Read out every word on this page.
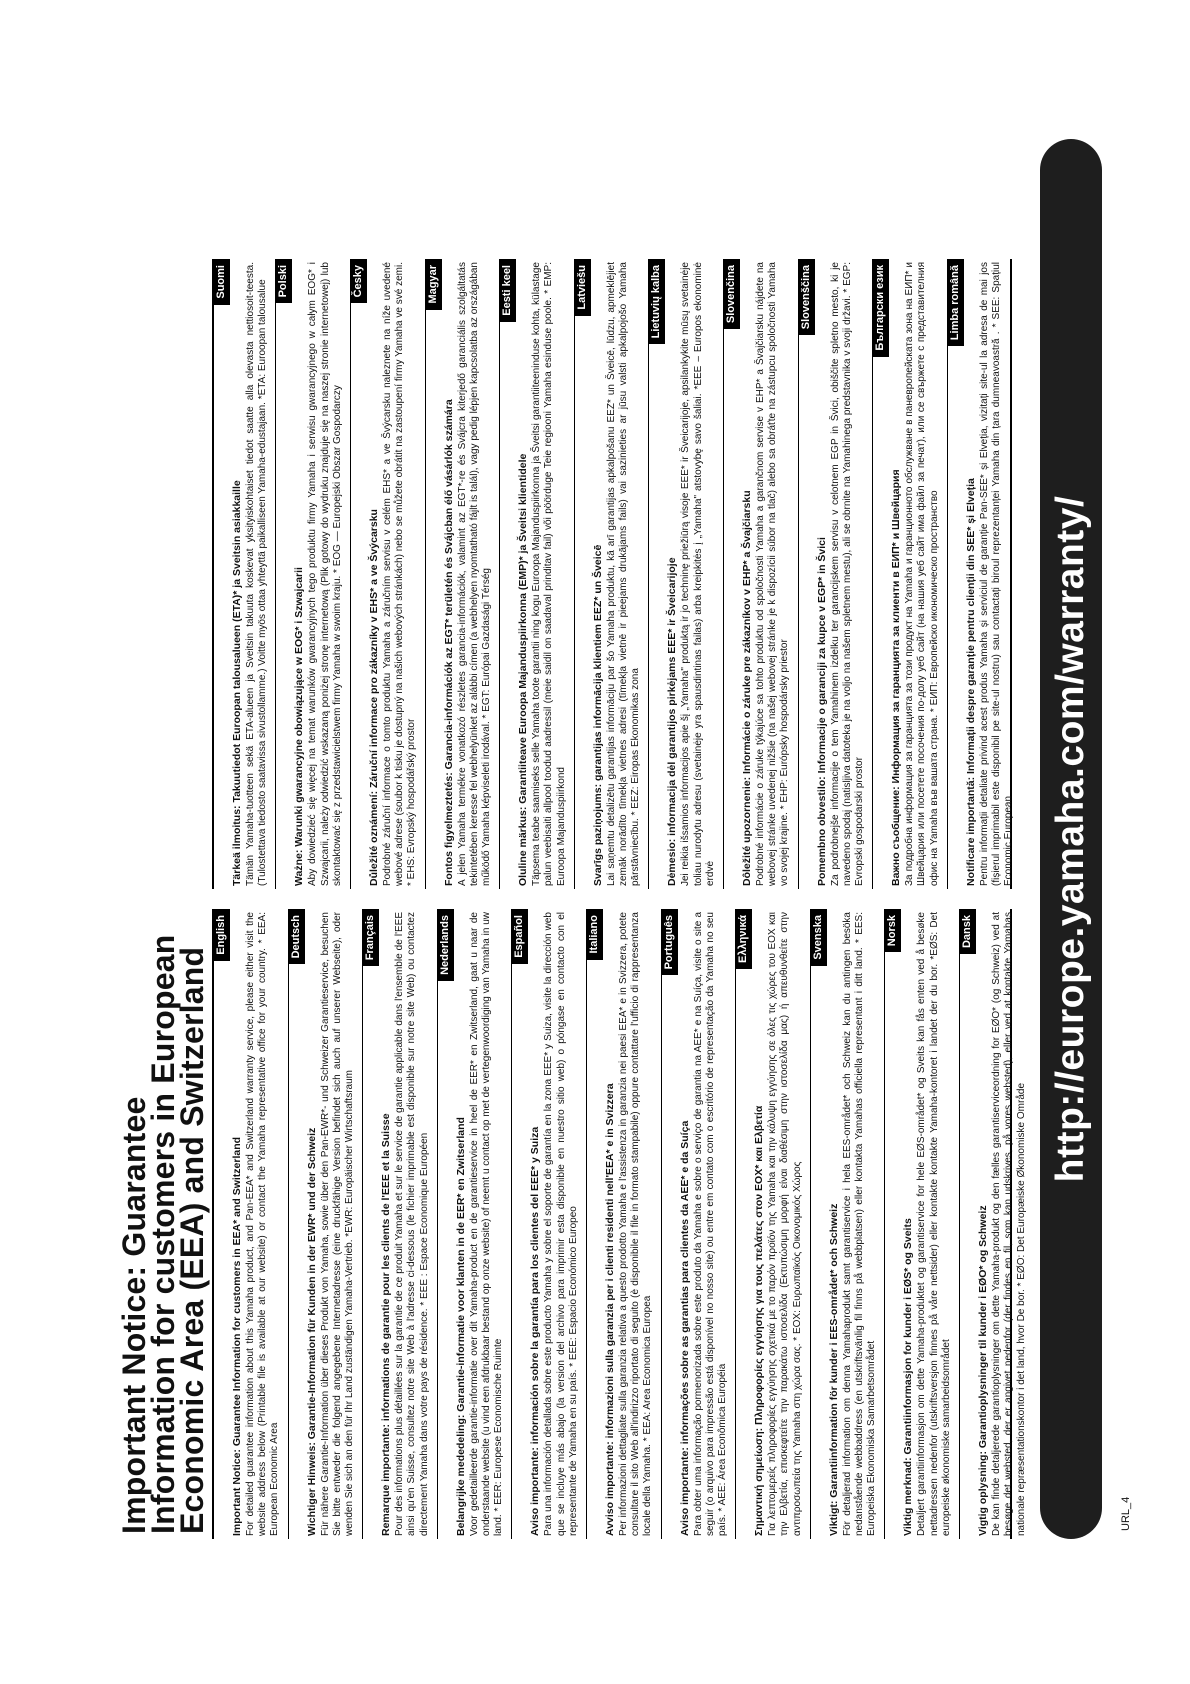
Important Notice: Guarantee Information for customers in European Economic Area (EEA) and Switzerland
English

Important Notice: Guarantee Information for customers in EEA* and Switzerland For detailed guarantee information about this Yamaha product, and Pan-EEA* and Switzerland warranty service, please either visit the website address below (Printable file is available at our website) or contact the Yamaha representative office for your country. * EEA: European Economic Area

Deutsch

Wichtiger Hinweis: Garantie-Information für Kunden in der EWR* und der Schweiz Für nähere Garantie-Information über dieses Produkt von Yamaha, sowie über den Pan-EWR*- und Schweizer Garantieservice, besuchen Sie bitte entweder die folgend angegebene Internetadresse (eine druckfähige Version befindet sich auch auf unserer Webseite), oder wenden Sie sich an den für Ihr Land zuständigen Yamaha-Vertrieb. *EWR: Europäischer Wirtschaftsraum

Français

Remarque importante: informations de garantie pour les clients de l'EEE et la Suisse Pour des informations plus détaillées sur la garantie de ce produit Yamaha et sur le service de garantie applicable dans l'ensemble de l'EEE ainsi qu'en Suisse, consultez notre site Web à l'adresse ci-dessous (le fichier imprimable est disponible sur notre site Web) ou contactez directement Yamaha dans votre pays de résidence. * EEE : Espace Economique Européen

Nederlands

Belangrijke mededeling: Garantie-informatie voor klanten in de EER* en Zwitserland Voor gedetailleerde garantie-informatie over dit Yamaha-product en de garantieservice in heel de EER* en Zwitserland, gaat u naar de onderstaande website (u vind een afdrukbaar bestand op onze website) of neemt u contact op met de vertegenwoordiging van Yamaha in uw land. * EER: Europese Economische Ruimte

Español

Aviso importante: información sobre la garantía para los clientes del EEE* y Suiza Para una información detallada sobre este producto Yamaha y sobre el soporte de garantía en la zona EEE* y Suiza, visite la dirección web que se incluye más abajo (la version del archivo para imprimir esta disponible en nuestro sitio web) o póngase en contacto con el representante de Yamaha en su país. * EEE: Espacio Económico Europeo

Italiano

Avviso importante: informazioni sulla garanzia per i clienti residenti nell'EEA* e in Svizzera Per informazioni dettagliate sulla garanzia relativa a questo prodotto Yamaha e l'assistenza in garanzia nei paesi EEA* e in Svizzera, potete consultare il sito Web all'indirizzo riportato di seguito (è disponibile il file in formato stampabile) oppure contattare l'ufficio di rappresentanza locale della Yamaha. * EEA: Area Economica Europea

Português

Aviso importante: informações sobre as garantias para clientes da AEE* e da Suíça Para obter uma informação pormenorizada sobre este produto da Yamaha e sobre o serviço de garantia na AEE* e na Suíça, visite o site a seguir (o arquivo para impressão está disponível no nosso site) ou entre em contato com o escritório de representação da Yamaha no seu país. * AEE: Área Econômica Européia

Ελληνικά

Σημαντική σημείωση: Πληροφορίες εγγύησης για τους πελάτες στον ΕΟΧ* και Ελβετία Για λεπτομερείς πληροφορίες εγγύησης σχετικά με το παρόν προϊόν της Yamaha και την κάλυψη εγγύησης σε όλες τις χώρες του ΕΟΧ και την Ελβετία, επισκεφτείτε την παρακάτω ιστοσελίδα (Εκτυπώσιμη μορφή είναι διαθέσιμη στην ιστοσελίδα μας) ή απευθυνθείτε στην αντιπροσωπεία της Yamaha στη χώρα σας. * ΕΟΧ: Ευρωπαϊκός Οικονομικός Χώρος

Svenska

Viktigt: Garantiinformation för kunder i EES-området* och Schweiz För detaljerad information om denna Yamahaprodukt samt garantiservice i hela EES-området* och Schweiz kan du antingen besöka nedanstående webbaddress (en utskriftsvänlig fil finns på webbplatsen) eller kontakta Yamahas officiella representant i ditt land. * EES: Europeiska Ekonomiska Samarbetsområdet

Norsk

Viktig merknad: Garantiinformasjon for kunder i EØS* og Sveits Detaljert garantiinformasjon om dette Yamaha-produktet og garantiservice for hele EØS-området* og Sveits kan fås enten ved å besøke nettadressen nedenfor (utskriftsversjon finnes på våre nettsider) eller kontakte kontakte Yamaha-kontoret i landet der du bor. *EØS: Det europeiske økonomiske samarbeidsområdet

Dansk

Vigtig oplysning: Garantioplysninger til kunder i EØO* og Schweiz De kan finde detaljerede garantioplysninger om dette Yamaha-produkt og den fælles garantiserviceordning for EØO* (og Schweiz) ved at besøge det websted, der er angivet nedenfor (der findes en fil, som kan udskrives, på vores websted), eller ved at kontakte Yamahas nationale repræsentationskontor i det land, hvor De bor. * EØO: Det Europæiske Økonomiske Område

Suomi

Tärkeä ilmoitus: Takuutiedot Euroopan talousalueen (ETA)* ja Sveitsin asiakkaille Tämän Yamaha-tuotteen sekä ETA-alueen ja Sveitsin takuuta koskevat yksityiskohtaiset tiedot saatte alla olevasta nettiosoit-teesta. (Tulostettava tiedosto saatavissa sivustollamme.) Voitte myös ottaa yhteyttä paikalliseen Yamaha-edustajaan. *ETA: Euroopan talousalue Polski

Ważne: Warunki gwarancyjne obowiązujące w EOG* i Szwajcarii Aby dowiedzieć się więcej na temat warunków gwarancyjnych tego produktu firmy Yamaha i serwisu gwarancyjnego w całym EOG* i Szwajcarii, należy odwiedzić wskazaną poniżej stronę internetową (Plik gotowy do wydruku znajduje się na naszej stronie internetowej) lub skontaktować się z przedstawicielstwem firmy Yamaha w swoim kraju. * EOG — Europejski Obszar Gospodarczy

Česky

Důležité oznámení: Záruční informace pro zákazníky v EHS* a ve Švýcarsku Podrobné záruční informace o tomto produktu Yamaha a záručním servisu v celém EHS* a ve Švýcarsku naleznete na níže uvedené webové adrese (soubor k tisku je dostupný na našich webových stránkách) nebo se můžete obrátit na zastoupení firmy Yamaha ve své zemi. * EHS: Evropský hospodářský prostor

Magyar

Fontos figyelmeztetés: Garancia-információk az EGT* területén és Svájcban élő vásárlók számára A jelen Yamaha termékre vonatkozó részletes garancia-információk, valamint az EGT*-re és Svájcra kiterjedő garanciális szolgáltatás tekintetében keresse fel webhelyünket az alábbi címen (a webhelyen nyomtatható fájlt is talál), vagy pedig lépjen kapcsolatba az országában működő Yamaha képviseleti irodával. * EGT: Európai Gazdasági Térség

Eesti keel

Oluline märkus: Garantiiteave Euroopa Majanduspiirkonna (EMP)* ja Šveitsi klientidele Täpsema teabe saamiseks selle Yamaha toote garantii ning kogu Euroopa Majanduspiirkonna ja Šveitsi garantiiteeninduse kohta, külastage palun veebisaiti allpool toodud aadressil (meie saidil on saadaval prinditav fail) või pöörduge Teie regiooni Yamaha esinduse poole. * EMP: Euroopa Majanduspiirkond

Latviešu

Svarīgs paziņojums: garantijas informācija klientiem EEZ* un Šveicē Lai saņemtu detalizētu garantijas informāciju par šo Yamaha produktu, kā arī garantijas apkalpošanu EEZ* un Šveicē, lūdzu, apmeklējiet zemāk norādīto tīmekļa vietnes adresi (tīmekļa vietnē ir pieejams drukājams fails) vai sazinieties ar jūsu valsti apkalpojošo Yamaha pārstāvniecību. * EEZ: Eiropas Ekonomikas zona

Lietuvių kalba

Dėmesio: informacija dėl garantijos pirkėjams EEE* ir Šveicarijoje Jei reikia išsamios informacijos apie šį „Yamaha" produktą ir jo techninę priežiūrą visoje EEE* ir Šveicarijoje, apsilankykite mūsų svetainėje toliau nurodytu adresu (svetainėje yra spausdintinas failas) arba kreipkitės į „Yamaha" atstovybę savo šaliai. *EEE – Europos ekonominė erdvė

Slovenčina

Dôležité upozornenie: Informácie o záruke pre zákazníkov v EHP* a Švajčiarsku Podrobné informácie o záruke týkajúce sa tohto produktu od spoločnosti Yamaha a garančnom servise v EHP* a Švajčiarsku nájdete na webovej stránke uvedenej nižšie (na našej webovej stránke je k dispozícii súbor na tlač) alebo sa obráťte na zástupcu spoločnosti Yamaha vo svojej krajine. * EHP: Európsky hospodársky priestor

Slovenščina

Pomembno obvestilo: Informacije o garanciji za kupce v EGP* in Švici Za podrobnejše informacije o tem Yamahinem izdelku ter garancijskem servisu v celotnem EGP in Švici, obiščite spletno mesto, ki je navedeno spodaj (natisljiva datoteka je na voljo na našem spletnem mestu), ali se obrnite na Yamahinega predstavnika v svoji državi. * EGP: Evropski gospodarski prostor

Български език

Важно съобщение: Информация за гаранцията за клиенти в ЕИП* и Швейцария За подробна информация за гаранцията за този продукт на Yamaha и гаранционното обслужване в паневропейската зона на ЕИП* и Швейцария или посетете посочения по-долу уеб сайт (на нашия уеб сайт има файл за печат), или се свържете с представителния офис на Yamaha във вашата страна. * ЕИП: Европейско икономическо пространство

Limba română

Notificare importantă: Informații despre garanție pentru clienții din SEE* și Elveția Pentru informații detaliate privind acest produs Yamaha și serviciul de garanție Pan-SEE* și Elveția, vizitați site-ul la adresa de mai jos (fișierul imprimabil este disponibil pe site-ul nostru) sau contactați biroul reprezentanței Yamaha din țara dumneavoastră . * SEE: Spațiul Economic European http://europe.yamaha.com/warranty/
URL_4
